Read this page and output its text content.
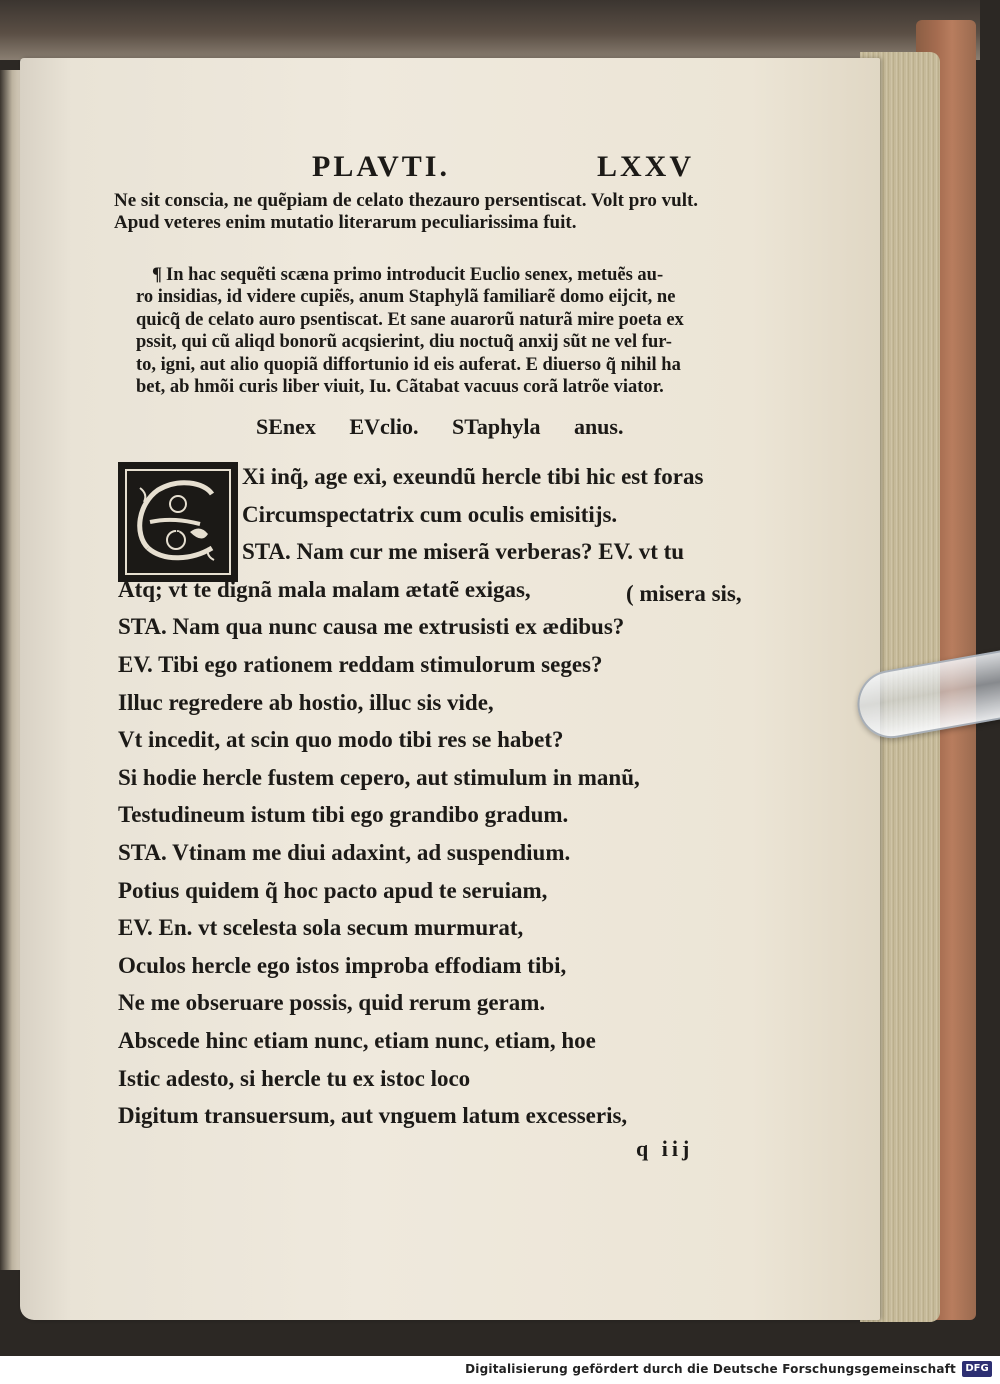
PLAVTI.	LXXV
Ne sit conscia, ne quẽpiam de celato thezauro persentiscat. Volt pro vult.
Apud veteres enim mutatio literarum peculiarissima fuit.
¶ In hac sequẽti scæna primo introducit Euclio senex, metuẽs au-
ro insidias, id videre cupiẽs, anum Staphylã familiarẽ domo eijcit, ne
quicq̃ de celato auro psentiscat. Et sane auarorũ naturã mire poeta ex
pssit, qui cũ aliqd bonorũ acqsierint, diu noctuq̃ anxij sũt ne vel fur-
to, igni, aut alio quopiã diffortunio id eis auferat. E diuerso q̃ nihil ha
bet, ab hmõi curis liber viuit, Iu. Cãtabat vacuus corã latrõe viator.
SEnex EVclio. STaphyla anus.
E
Xi inq̃, age exi, exeundũ hercle tibi hic est foras
Circumspectatrix cum oculis emisitijs.
STA. Nam cur me miserã verberas? EV. vt tu
Atq; vt te dignã mala malam ætatẽ exigas,
STA. Nam qua nunc causa me extrusisti ex ædibus?
EV. Tibi ego rationem reddam stimulorum seges?
Illuc regredere ab hostio, illuc sis vide,
Vt incedit, at scin quo modo tibi res se habet?
Si hodie hercle fustem cepero, aut stimulum in manũ,
Testudineum istum tibi ego grandibo gradum.
STA. Vtinam me diui adaxint, ad suspendium.
Potius quidem q̃ hoc pacto apud te seruiam,
EV. En. vt scelesta sola secum murmurat,
Oculos hercle ego istos improba effodiam tibi,
Ne me obseruare possis, quid rerum geram.
Abscede hinc etiam nunc, etiam nunc, etiam, hoe
Istic adesto, si hercle tu ex istoc loco
Digitum transuersum, aut vnguem latum excesseris,
( misera sis,
q iij
Digitalisierung gefördert durch die Deutsche Forschungsgemeinschaft DFG
